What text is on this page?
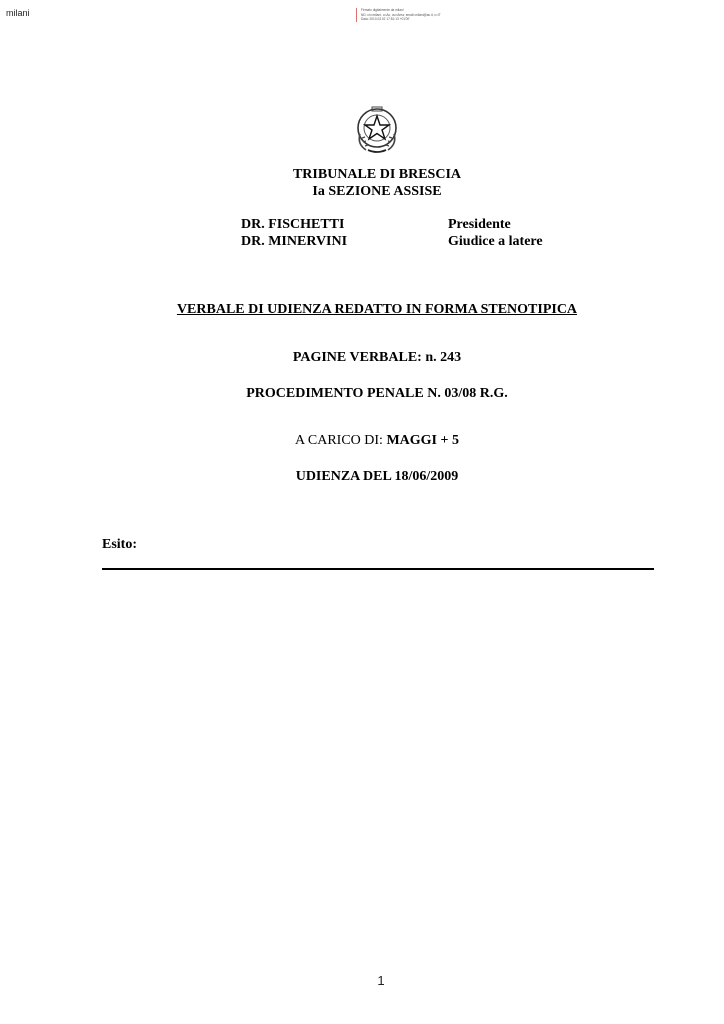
milani	Firmato digitalmente da milani
ND: cn=milani, o=Ac, ou=Area, email=milani@ac.it, c=IT
Data: 2010.03.02 17:51:13 +01'00'
TRIBUNALE DI BRESCIA
Ia SEZIONE ASSISE
DR. FISCHETTI	Presidente
DR. MINERVINI	Giudice a latere
VERBALE DI UDIENZA REDATTO IN FORMA STENOTIPICA
PAGINE VERBALE: n. 243
PROCEDIMENTO PENALE N. 03/08 R.G.
A CARICO DI: MAGGI + 5
UDIENZA DEL 18/06/2009
Esito:
1
